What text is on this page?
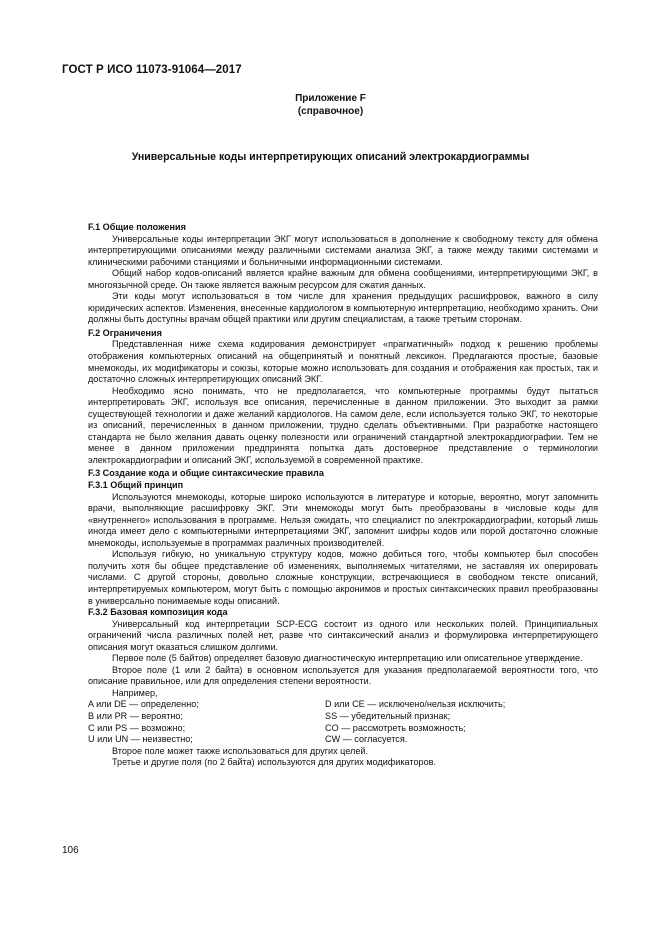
ГОСТ Р ИСО 11073-91064—2017
Приложение F
(справочное)
Универсальные коды интерпретирующих описаний электрокардиограммы
F.1 Общие положения

Универсальные коды интерпретации ЭКГ могут использоваться в дополнение к свободному тексту для обмена интерпретирующими описаниями между различными системами анализа ЭКГ, а также между такими системами и клиническими рабочими станциями и больничными информационными системами.

Общий набор кодов-описаний является крайне важным для обмена сообщениями, интерпретирующими ЭКГ, в многоязычной среде. Он также является важным ресурсом для сжатия данных.

Эти коды могут использоваться в том числе для хранения предыдущих расшифровок, важного в силу юридических аспектов. Изменения, внесенные кардиологом в компьютерную интерпретацию, необходимо хранить. Они должны быть доступны врачам общей практики или другим специалистам, а также третьим сторонам.

F.2 Ограничения

Представленная ниже схема кодирования демонстрирует «прагматичный» подход к решению проблемы отображения компьютерных описаний на общепринятый и понятный лексикон. Предлагаются простые, базовые мнемокоды, их модификаторы и союзы, которые можно использовать для создания и отображения как простых, так и достаточно сложных интерпретирующих описаний ЭКГ.

Необходимо ясно понимать, что не предполагается, что компьютерные программы будут пытаться интерпретировать ЭКГ, используя все описания, перечисленные в данном приложении. Это выходит за рамки существующей технологии и даже желаний кардиологов. На самом деле, если используется только ЭКГ, то некоторые из описаний, перечисленных в данном приложении, трудно сделать объективными. При разработке настоящего стандарта не было желания давать оценку полезности или ограничений стандартной электрокардиографии. Тем не менее в данном приложении предпринята попытка дать достоверное представление о терминологии электрокардиографии и описаний ЭКГ, используемой в современной практике.

F.3 Создание кода и общие синтаксические правила
F.3.1 Общий принцип

Используются мнемокоды, которые широко используются в литературе и которые, вероятно, могут запомнить врачи, выполняющие расшифровку ЭКГ. Эти мнемокоды могут быть преобразованы в числовые коды для «внутреннего» использования в программе. Нельзя ожидать, что специалист по электрокардиографии, который лишь иногда имеет дело с компьютерными интерпретациями ЭКГ, запомнит шифры кодов или порой достаточно сложные мнемокоды, используемые в программах различных производителей.

Используя гибкую, но уникальную структуру кодов, можно добиться того, чтобы компьютер был способен получить хотя бы общее представление об изменениях, выполняемых читателями, не заставляя их оперировать числами. С другой стороны, довольно сложные конструкции, встречающиеся в свободном тексте описаний, интерпретируемых компьютером, могут быть с помощью акронимов и простых синтаксических правил преобразованы в универсально понимаемые коды описаний.

F.3.2 Базовая композиция кода

Универсальный код интерпретации SCP-ECG состоит из одного или нескольких полей. Принципиальных ограничений числа различных полей нет, разве что синтаксический анализ и формулировка интерпретирующего описания могут оказаться слишком долгими.

Первое поле (5 байтов) определяет базовую диагностическую интерпретацию или описательное утверждение.

Второе поле (1 или 2 байта) в основном используется для указания предполагаемой вероятности того, что описание правильное, или для определения степени вероятности.

Например,

A или DE — определенно;	D или CE — исключено/нельзя исключить;
B или PR — вероятно;	SS — убедительный признак;
C или PS — возможно;	CO — рассмотреть возможность;
U или UN — неизвестно;	CW — согласуется.

Второе поле может также использоваться для других целей.

Третье и другие поля (по 2 байта) используются для других модификаторов.

106
